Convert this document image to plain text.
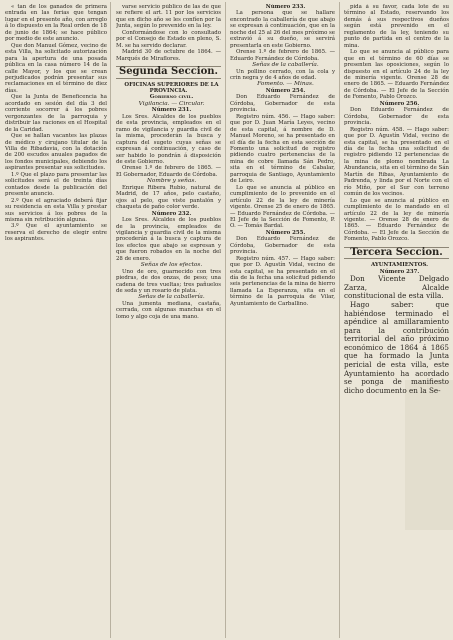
« tan de los ganados de primera entrada en las ferias que tengan lugar en el presente año, con arreglo á lo dispuesto en la Real orden de 18 de junio de 1864; se hace público por medio de este anuncio.

Que don Manuel Gómez, vecino de esta Villa, ha solicitado autorización para la apertura de una posada pública en la casa número 14 de la calle Mayor, y los que se crean perjudicados podrán presentar sus reclamaciones en el término de diez días.

Que la Junta de Beneficencia ha acordado en sesión del día 3 del corriente socorrer á los pobres vergonzantes de la parroquia y distribuir las raciones en el Hospital de la Caridad.

Que se hallan vacantes las plazas de médico y cirujano titular de la Villa de Ribadavia, con la dotación de 200 escudos anuales pagados de los fondos municipales, debiendo los aspirantes presentar sus solicitudes.

1.º Que el plazo para presentar las solicitudes será el de treinta días contados desde la publicación del presente anuncio.

2.º Que el agraciado deberá fijar su residencia en esta Villa y prestar sus servicios á los pobres de la misma sin retribución alguna.

3.º Que el ayuntamiento se reserva el derecho de elegir entre los aspirantes.

varse servicio público de las de que se refiere el art. 11 por los servicios que en dicho año se les confíen por la Junta, según lo prevenido en la ley.

Conformándose con lo consultado por el Consejo de Estado en pleno, S. M. se ha servido declarar.

Madrid 30 de octubre de 1864. — Marqués de Miraflores.

Segunda Seccion.

OFICINAS SUPERIORES DE LA PROVINCIA.

Gobierno civil.

Vigilancia. — Circular.

Número 231.

Los Sres. Alcaldes de los pueblos de esta provincia, empleados en el ramo de vigilancia y guardia civil de la misma, procederán la busca y captura del sugeto cuyas señas se expresan á continuación, y caso de ser habido lo pondrán á disposición de este Gobierno.

Orense 1.º de febrero de 1865. — El Gobernador, Eduardo de Córdoba.

Nombre y señas.

Enrique Ribera Rubio, natural de Madrid, de 17 años, pelo castaño, ojos al pelo, que viste pantalón y chaqueta de paño color verde.

Número 232.

Los Sres. Alcaldes de los pueblos de la provincia, empleados de vigilancia y guardia civil de la misma procederán á la busca y captura de los efectos que abajo se espresan y que fueron robados en la noche del 28 de enero.

Señas de los efectos.

Uno de oro, guarnecido con tres piedras, de dos onzas, de peso; una cadena de tres vueltas; tres pañuelos de seda y un rosario de plata.

Señas de la caballería.

Una jumenta mediana, castaña, cerrada, con algunas manchas en el lomo y algo coja de una mano.

Número 233.

La persona que se hallare encontrado la caballería de que abajo se expresan á continuación, que en la noche del 25 al 26 del mes próximo se extravió á su dueño, se servirá presentarla en este Gobierno.

Orense 1.º de febrero de 1865. — Eduardo Fernández de Córdoba.

Señas de la caballería.

Un pollino cerrado, con la cola y crin negra y de 4 años de edad.

Fomento. — Minas.

Número 254.

Don Eduardo Fernández de Córdoba, Gobernador de esta provincia.

Registro núm. 456. — Hago saber: que por D. Juan María Leyes, vecino de esta capital, á nombre de D. Manuel Moreno, se ha presentado en el día de la fecha en esta sección de Fomento una solicitud de registro pidiendo cuatro pertenencias de la mina de cobre llamada Sán Pedro, sita en el término de Cabalar, parroquia de Santiago, Ayuntamiento de Leiro.

Lo que se anuncia al público en cumplimiento de lo prevenido en el artículo 22 de la ley de minería vigente. Orense 25 de enero de 1865. — Eduardo Fernández de Córdoba. — El Jefe de la Sección de Fomento, P. O. — Tomás Bardal.

Número 255.

Don Eduardo Fernández de Córdoba, Gobernador de esta provincia.

Registro núm. 457. — Hago saber: que por D. Agustín Vidal, vecino de esta capital, se ha presentado en el día de la fecha una solicitud pidiendo seis pertenencias de la mina de hierro llamada La Esperanza, sita en el término de la parroquia de Vilar, Ayuntamiento de Carballino.

pida á su favor, cada lote de su término al Estado, reservando los demás á sus respectivos dueños según está prevenido en el reglamento de la ley, teniendo su punto de partida en el centro de la mina.

Lo que se anuncia al público para que en el término de 60 días se presenten las oposiciones, según lo dispuesto en el artículo 24 de la ley de minería vigente. Orense 28 de enero de 1865. — Eduardo Fernández de Córdoba. — El Jefe de la Sección de Fomento, Pablo Orozco.

Número 256.

Don Eduardo Fernández de Córdoba, Gobernador de esta provincia.

Registro núm. 458. — Hago saber: que por D. Agustín Vidal, vecino de esta capital, se ha presentado en el día de la fecha una solicitud de registro pidiendo 12 pertenencias de la mina de plomo nombrada La Abundancia, sita en el término de Sán Martín de Ribas, Ayuntamiento de Padrenda, y linda por el Norte con el río Miño, por el Sur con terreno común de los vecinos.

Lo que se anuncia al público en cumplimiento de lo mandado en el artículo 22 de la ley de minería vigente. — Orense 28 de enero de 1865. — Eduardo Fernández de Córdoba. — El Jefe de la Sección de Fomento, Pablo Orozco.

Tercera Seccion.

AYUNTAMIENTOS.

Número 237.

Don Vicente Delgado Zarza, Alcalde constitucional de esta villa.

Hago saber: que habiéndose terminado el apéndice al amillaramiento para la contribución territorial del año próximo económico de 1864 á 1865 que ha formado la Junta pericial de esta villa, este Ayuntamiento ha acordado se ponga de manifiesto dicho documento en la Se-
